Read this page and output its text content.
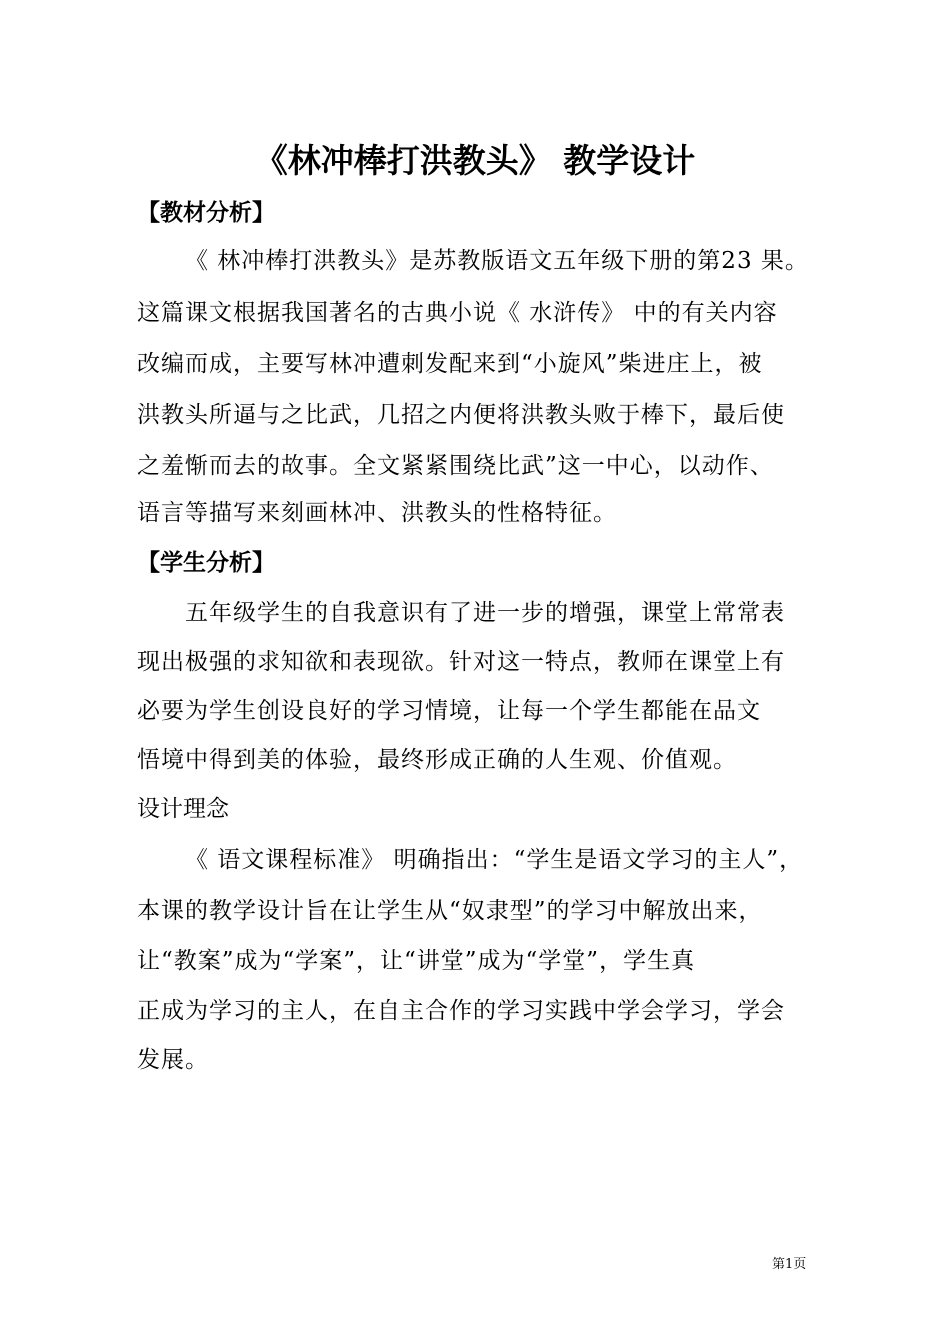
《林冲棒打洪教头》 教学设计
【教材分析】
《 林冲棒打洪教头》是苏教版语文五年级下册的第23 果。
这篇课文根据我国著名的古典小说《 水浒传》 中的有关内容
改编而成，主要写林冲遭刺发配来到“小旋风”柴进庄上，被
洪教头所逼与之比武，几招之内便将洪教头败于棒下，最后使
之羞惭而去的故事。全文紧紧围绕比武”这一中心，以动作、
语言等描写来刻画林冲、洪教头的性格特征。
【学生分析】
五年级学生的自我意识有了进一步的增强，课堂上常常表
现出极强的求知欲和表现欲。针对这一特点，教师在课堂上有
必要为学生创设良好的学习情境，让每一个学生都能在品文
悟境中得到美的体验，最终形成正确的人生观、价值观。
设计理念
《 语文课程标准》 明确指出：“学生是语文学习的主人”，
本课的教学设计旨在让学生从“奴隶型”的学习中解放出来，
让“教案”成为“学案”，让“讲堂”成为“学堂”，学生真
正成为学习的主人，在自主合作的学习实践中学会学习，学会
发展。
第1页
